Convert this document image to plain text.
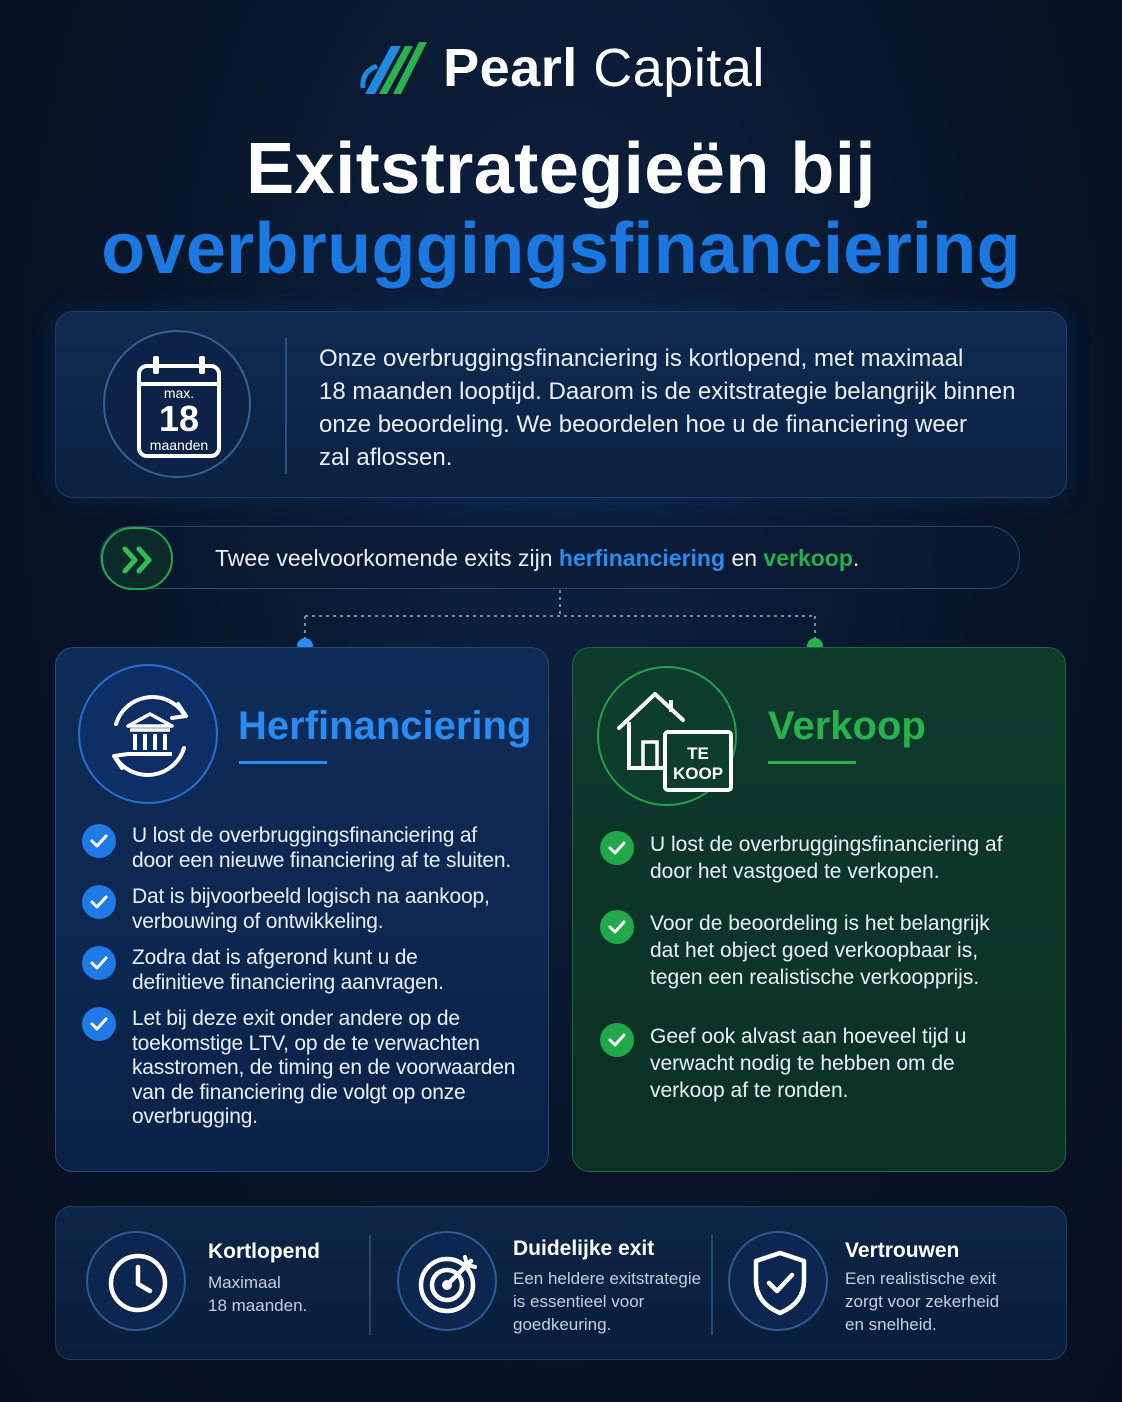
Pearl Capital
Exitstrategieën bij
overbruggingsfinanciering
max.
18
maanden
Onze overbruggingsfinanciering is kortlopend, met maximaal
18 maanden looptijd. Daarom is de exitstrategie belangrijk binnen
onze beoordeling. We beoordelen hoe u de financiering weer
zal aflossen.
Twee veelvoorkomende exits zijn herfinanciering en verkoop.
Herfinanciering
U lost de overbruggingsfinanciering af
door een nieuwe financiering af te sluiten.
Dat is bijvoorbeeld logisch na aankoop,
verbouwing of ontwikkeling.
Zodra dat is afgerond kunt u de
definitieve financiering aanvragen.
Let bij deze exit onder andere op de
toekomstige LTV, op de te verwachten
kasstromen, de timing en de voorwaarden
van de financiering die volgt op onze
overbrugging.
TE
KOOP
Verkoop
U lost de overbruggingsfinanciering af
door het vastgoed te verkopen.
Voor de beoordeling is het belangrijk
dat het object goed verkoopbaar is,
tegen een realistische verkoopprijs.
Geef ook alvast aan hoeveel tijd u
verwacht nodig te hebben om de
verkoop af te ronden.
Kortlopend
Maximaal
18 maanden.
Duidelijke exit
Een heldere exitstrategie
is essentieel voor
goedkeuring.
Vertrouwen
Een realistische exit
zorgt voor zekerheid
en snelheid.
